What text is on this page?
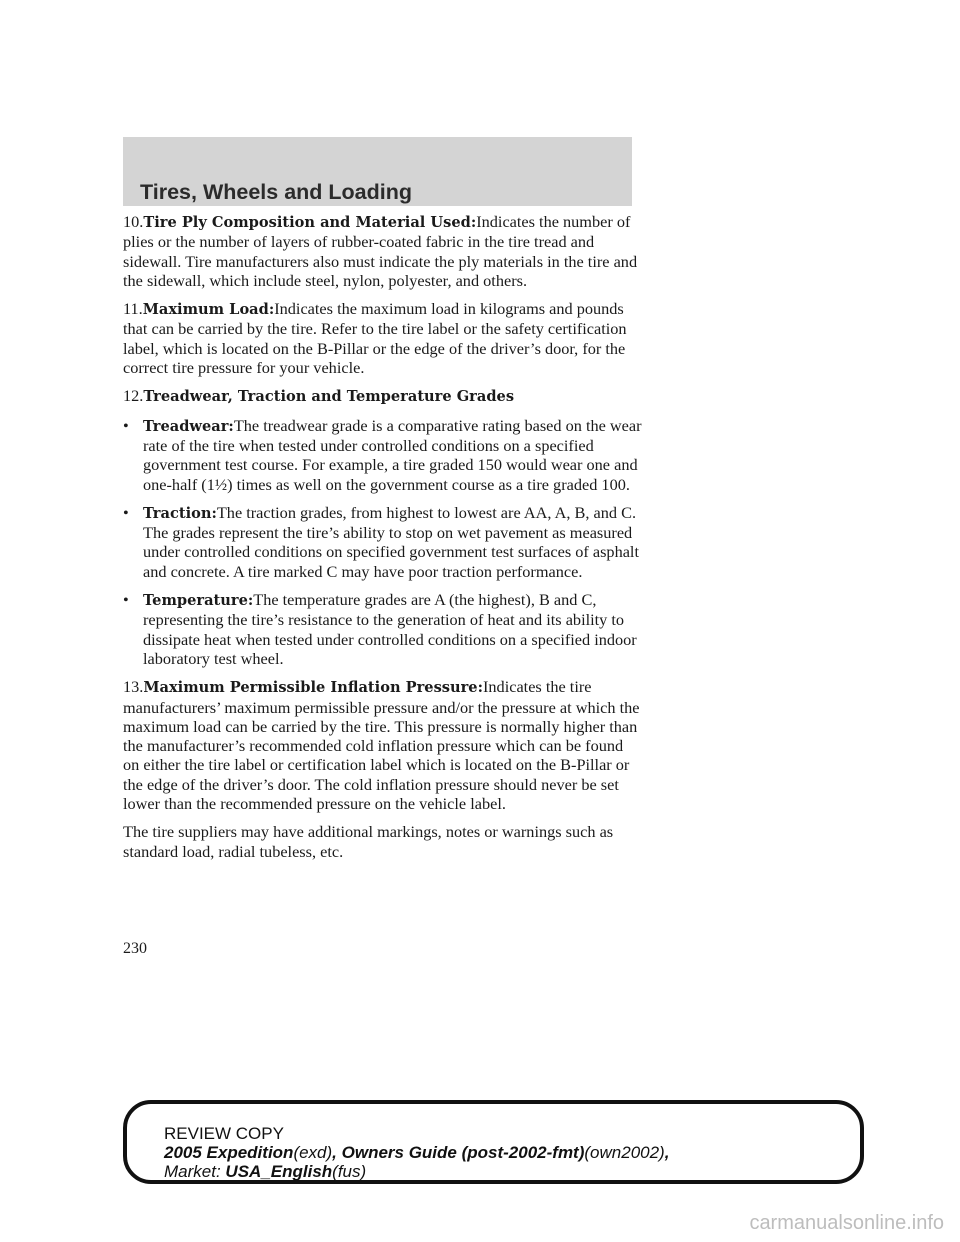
Tires, Wheels and Loading

10.Tire Ply Composition and Material Used:Indicates the number of plies or the number of layers of rubber-coated fabric in the tire tread and sidewall. Tire manufacturers also must indicate the ply materials in the tire and the sidewall, which include steel, nylon, polyester, and others.

11.Maximum Load:Indicates the maximum load in kilograms and pounds that can be carried by the tire. Refer to the tire label or the safety certification label, which is located on the B-Pillar or the edge of the driver’s door, for the correct tire pressure for your vehicle.

12.Treadwear, Traction and Temperature Grades

• Treadwear:The treadwear grade is a comparative rating based on the wear rate of the tire when tested under controlled conditions on a specified government test course. For example, a tire graded 150 would wear one and one-half (1½) times as well on the government course as a tire graded 100.
• Traction:The traction grades, from highest to lowest are AA, A, B, and C. The grades represent the tire’s ability to stop on wet pavement as measured under controlled conditions on specified government test surfaces of asphalt and concrete. A tire marked C may have poor traction performance.
• Temperature:The temperature grades are A (the highest), B and C, representing the tire’s resistance to the generation of heat and its ability to dissipate heat when tested under controlled conditions on a specified indoor laboratory test wheel.

13.Maximum Permissible Inflation Pressure:Indicates the tire manufacturers’ maximum permissible pressure and/or the pressure at which the maximum load can be carried by the tire. This pressure is normally higher than the manufacturer’s recommended cold inflation pressure which can be found on either the tire label or certification label which is located on the B-Pillar or the edge of the driver’s door. The cold inflation pressure should never be set lower than the recommended pressure on the vehicle label.

The tire suppliers may have additional markings, notes or warnings such as standard load, radial tubeless, etc.

230
REVIEW COPY
2005 Expedition(exd), Owners Guide (post-2002-fmt)(own2002),
Market: USA_English(fus)
carmanualsonline.info
